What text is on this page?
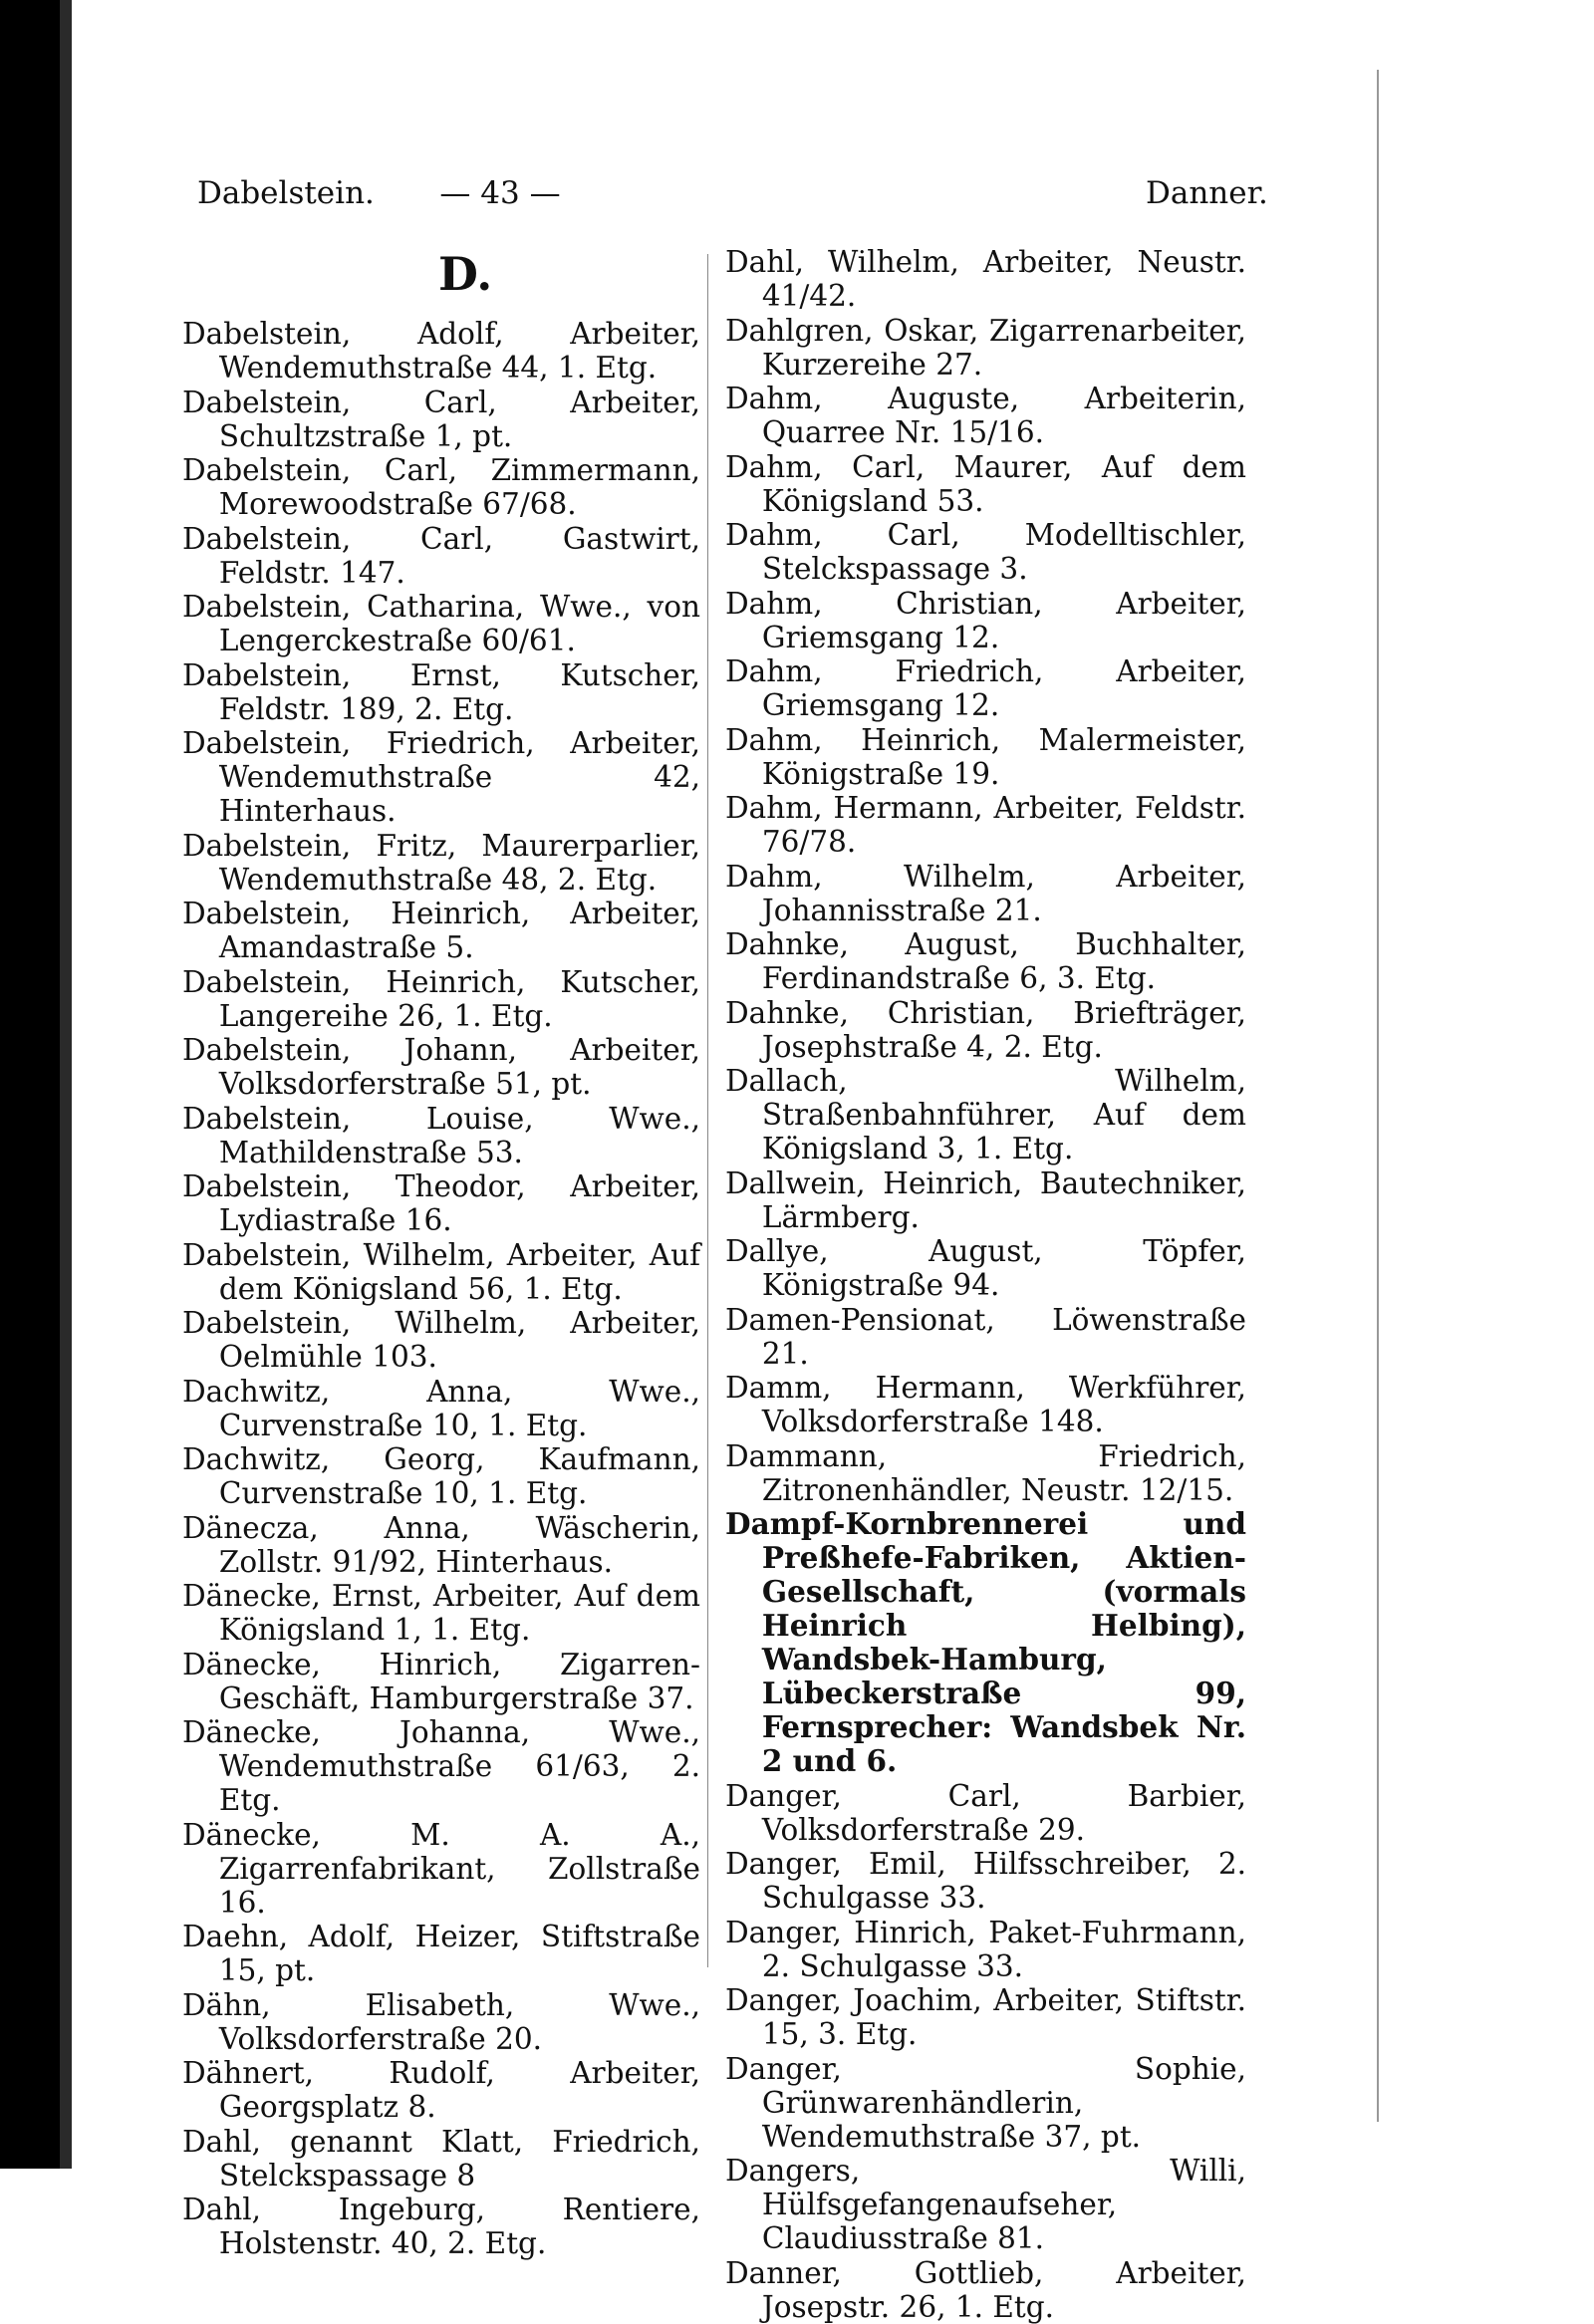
Dabelstein.	— 43 —	Danner.
D.

Dabelstein, Adolf, Arbeiter, Wendemuthstraße 44, 1. Etg.

Dabelstein, Carl, Arbeiter, Schultzstraße 1, pt.

Dabelstein, Carl, Zimmermann, Morewoodstraße 67/68.

Dabelstein, Carl, Gastwirt, Feldstr. 147.

Dabelstein, Catharina, Wwe., von Lengerckestraße 60/61.

Dabelstein, Ernst, Kutscher, Feldstr. 189, 2. Etg.

Dabelstein, Friedrich, Arbeiter, Wendemuthstraße 42, Hinterhaus.

Dabelstein, Fritz, Maurerparlier, Wendemuthstraße 48, 2. Etg.

Dabelstein, Heinrich, Arbeiter, Amandastraße 5.

Dabelstein, Heinrich, Kutscher, Langereihe 26, 1. Etg.

Dabelstein, Johann, Arbeiter, Volksdorferstraße 51, pt.

Dabelstein, Louise, Wwe., Mathildenstraße 53.

Dabelstein, Theodor, Arbeiter, Lydiastraße 16.

Dabelstein, Wilhelm, Arbeiter, Auf dem Königsland 56, 1. Etg.

Dabelstein, Wilhelm, Arbeiter, Oelmühle 103.

Dachwitz, Anna, Wwe., Curvenstraße 10, 1. Etg.

Dachwitz, Georg, Kaufmann, Curvenstraße 10, 1. Etg.

Däneczа, Anna, Wäscherin, Zollstr. 91/92, Hinterhaus.

Dänecke, Ernst, Arbeiter, Auf dem Königsland 1, 1. Etg.

Dänecke, Hinrich, Zigarren-Geschäft, Hamburgerstraße 37.

Dänecke, Johanna, Wwe., Wendemuthstraße 61/63, 2. Etg.

Dänecke, M. A. A., Zigarrenfabrikant, Zollstraße 16.

Daehn, Adolf, Heizer, Stiftstraße 15, pt.

Dähn, Elisabeth, Wwe., Volksdorferstraße 20.

Dähnert, Rudolf, Arbeiter, Georgsplatz 8.

Dahl, genannt Klatt, Friedrich, Stelckspassage 8

Dahl, Ingeburg, Rentiere, Holstenstr. 40, 2. Etg.

Dahl, Wilhelm, Arbeiter, Neustr. 41/42.

Dahlgren, Oskar, Zigarrenarbeiter, Kurzereihe 27.

Dahm, Auguste, Arbeiterin, Quarree Nr. 15/16.

Dahm, Carl, Maurer, Auf dem Königsland 53.

Dahm, Carl, Modelltischler, Stelckspassage 3.

Dahm, Christian, Arbeiter, Griemsgang 12.

Dahm, Friedrich, Arbeiter, Griemsgang 12.

Dahm, Heinrich, Malermeister, Königstraße 19.

Dahm, Hermann, Arbeiter, Feldstr. 76/78.

Dahm, Wilhelm, Arbeiter, Johannisstraße 21.

Dahnke, August, Buchhalter, Ferdinandstraße 6, 3. Etg.

Dahnke, Christian, Briefträger, Josephstraße 4, 2. Etg.

Dallach, Wilhelm, Straßenbahnführer, Auf dem Königsland 3, 1. Etg.

Dallwein, Heinrich, Bautechniker, Lärmberg.

Dallye, August, Töpfer, Königstraße 94.

Damen-Pensionat, Löwenstraße 21.

Damm, Hermann, Werkführer, Volksdorferstraße 148.

Dammann, Friedrich, Zitronenhändler, Neustr. 12/15.

Dampf-Kornbrennerei und Preßhefe-Fabriken, Aktien-Gesellschaft, (vormals Heinrich Helbing), Wandsbek-Hamburg, Lübeckerstraße 99, Fernsprecher: Wandsbek Nr. 2 und 6.

Danger, Carl, Barbier, Volksdorferstraße 29.

Danger, Emil, Hilfsschreiber, 2. Schulgasse 33.

Danger, Hinrich, Paket-Fuhrmann, 2. Schulgasse 33.

Danger, Joachim, Arbeiter, Stiftstr. 15, 3. Etg.

Danger, Sophie, Grünwarenhändlerin, Wendemuthstraße 37, pt.

Dangers, Willi, Hülfsgefangenaufseher, Claudiusstraße 81.

Danner, Gottlieb, Arbeiter, Josepstr. 26, 1. Etg.
